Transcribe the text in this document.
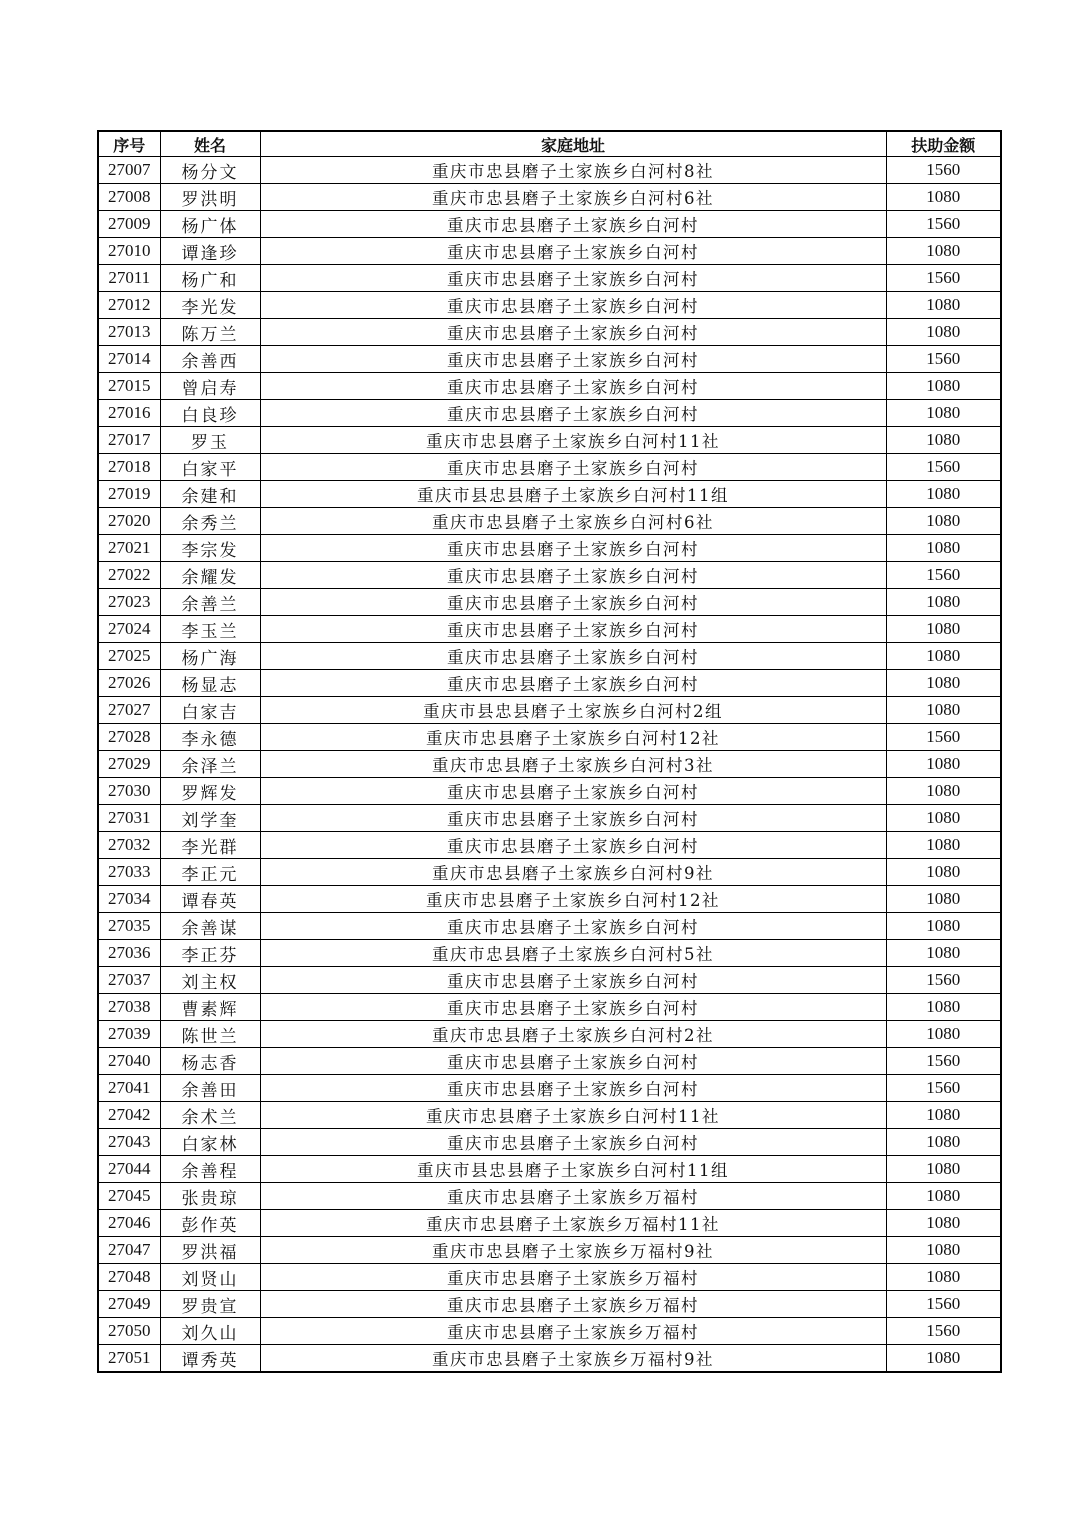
序号	姓名	家庭地址	扶助金额
27007	杨分文	重庆市忠县磨子土家族乡白河村8社	1560
27008	罗洪明	重庆市忠县磨子土家族乡白河村6社	1080
27009	杨广体	重庆市忠县磨子土家族乡白河村	1560
27010	谭逢珍	重庆市忠县磨子土家族乡白河村	1080
27011	杨广和	重庆市忠县磨子土家族乡白河村	1560
27012	李光发	重庆市忠县磨子土家族乡白河村	1080
27013	陈万兰	重庆市忠县磨子土家族乡白河村	1080
27014	余善西	重庆市忠县磨子土家族乡白河村	1560
27015	曾启寿	重庆市忠县磨子土家族乡白河村	1080
27016	白良珍	重庆市忠县磨子土家族乡白河村	1080
27017	罗玉	重庆市忠县磨子土家族乡白河村11社	1080
27018	白家平	重庆市忠县磨子土家族乡白河村	1560
27019	余建和	重庆市县忠县磨子土家族乡白河村11组	1080
27020	余秀兰	重庆市忠县磨子土家族乡白河村6社	1080
27021	李宗发	重庆市忠县磨子土家族乡白河村	1080
27022	余耀发	重庆市忠县磨子土家族乡白河村	1560
27023	余善兰	重庆市忠县磨子土家族乡白河村	1080
27024	李玉兰	重庆市忠县磨子土家族乡白河村	1080
27025	杨广海	重庆市忠县磨子土家族乡白河村	1080
27026	杨显志	重庆市忠县磨子土家族乡白河村	1080
27027	白家吉	重庆市县忠县磨子土家族乡白河村2组	1080
27028	李永德	重庆市忠县磨子土家族乡白河村12社	1560
27029	余泽兰	重庆市忠县磨子土家族乡白河村3社	1080
27030	罗辉发	重庆市忠县磨子土家族乡白河村	1080
27031	刘学奎	重庆市忠县磨子土家族乡白河村	1080
27032	李光群	重庆市忠县磨子土家族乡白河村	1080
27033	李正元	重庆市忠县磨子土家族乡白河村9社	1080
27034	谭春英	重庆市忠县磨子土家族乡白河村12社	1080
27035	余善谋	重庆市忠县磨子土家族乡白河村	1080
27036	李正芬	重庆市忠县磨子土家族乡白河村5社	1080
27037	刘主权	重庆市忠县磨子土家族乡白河村	1560
27038	曹素辉	重庆市忠县磨子土家族乡白河村	1080
27039	陈世兰	重庆市忠县磨子土家族乡白河村2社	1080
27040	杨志香	重庆市忠县磨子土家族乡白河村	1560
27041	余善田	重庆市忠县磨子土家族乡白河村	1560
27042	余术兰	重庆市忠县磨子土家族乡白河村11社	1080
27043	白家林	重庆市忠县磨子土家族乡白河村	1080
27044	余善程	重庆市县忠县磨子土家族乡白河村11组	1080
27045	张贵琼	重庆市忠县磨子土家族乡万福村	1080
27046	彭作英	重庆市忠县磨子土家族乡万福村11社	1080
27047	罗洪福	重庆市忠县磨子土家族乡万福村9社	1080
27048	刘贤山	重庆市忠县磨子土家族乡万福村	1080
27049	罗贵宣	重庆市忠县磨子土家族乡万福村	1560
27050	刘久山	重庆市忠县磨子土家族乡万福村	1560
27051	谭秀英	重庆市忠县磨子土家族乡万福村9社	1080
